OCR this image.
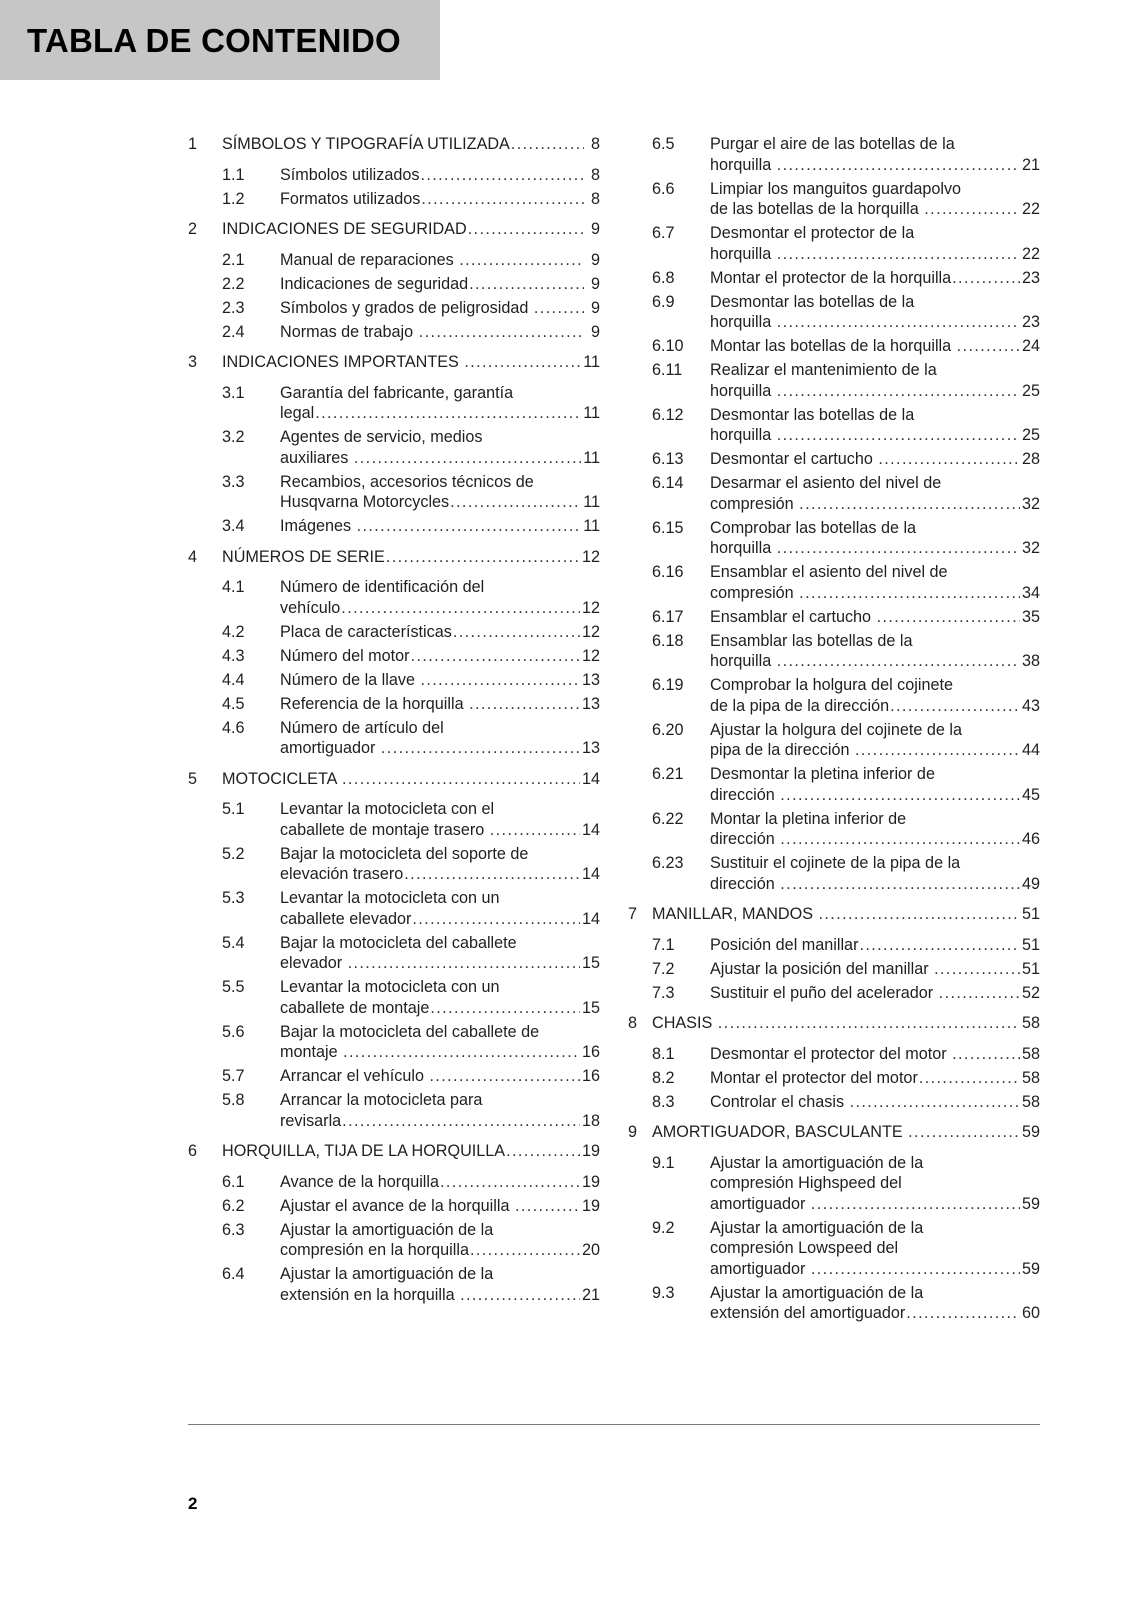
TABLA DE CONTENIDO
1 SÍMBOLOS Y TIPOGRAFÍA UTILIZADA .....	8
1.1 Símbolos utilizados .....	8
1.2 Formatos utilizados .....	8
2 INDICACIONES DE SEGURIDAD .....	9
2.1 Manual de reparaciones .....	9
2.2 Indicaciones de seguridad .....	9
2.3 Símbolos y grados de peligrosidad .....	9
2.4 Normas de trabajo .....	9
3 INDICACIONES IMPORTANTES .....	11
3.1 Garantía del fabricante, garantía
legal .....	11
3.2 Agentes de servicio, medios
auxiliares .....	11
3.3 Recambios, accesorios técnicos de
Husqvarna Motorcycles .....	11
3.4 Imágenes .....	11
4 NÚMEROS DE SERIE .....	12
4.1 Número de identificación del
vehículo .....	12
4.2 Placa de características .....	12
4.3 Número del motor .....	12
4.4 Número de la llave .....	13
4.5 Referencia de la horquilla .....	13
4.6 Número de artículo del
amortiguador .....	13
5 MOTOCICLETA .....	14
5.1 Levantar la motocicleta con el
caballete de montaje trasero .....	14
5.2 Bajar la motocicleta del soporte de
elevación trasero .....	14
5.3 Levantar la motocicleta con un
caballete elevador .....	14
5.4 Bajar la motocicleta del caballete
elevador .....	15
5.5 Levantar la motocicleta con un
caballete de montaje .....	15
5.6 Bajar la motocicleta del caballete de
montaje .....	16
5.7 Arrancar el vehículo .....	16
5.8 Arrancar la motocicleta para
revisarla .....	18
6 HORQUILLA, TIJA DE LA HORQUILLA .....	19
6.1 Avance de la horquilla .....	19
6.2 Ajustar el avance de la horquilla .....	19
6.3 Ajustar la amortiguación de la
compresión en la horquilla .....	20
6.4 Ajustar la amortiguación de la
extensión en la horquilla .....	21
6.5 Purgar el aire de las botellas de la
horquilla .....	21
6.6 Limpiar los manguitos guardapolvo
de las botellas de la horquilla .....	22
6.7 Desmontar el protector de la
horquilla .....	22
6.8 Montar el protector de la horquilla .....	23
6.9 Desmontar las botellas de la
horquilla .....	23
6.10 Montar las botellas de la horquilla .....	24
6.11 Realizar el mantenimiento de la
horquilla .....	25
6.12 Desmontar las botellas de la
horquilla .....	25
6.13 Desmontar el cartucho .....	28
6.14 Desarmar el asiento del nivel de
compresión .....	32
6.15 Comprobar las botellas de la
horquilla .....	32
6.16 Ensamblar el asiento del nivel de
compresión .....	34
6.17 Ensamblar el cartucho .....	35
6.18 Ensamblar las botellas de la
horquilla .....	38
6.19 Comprobar la holgura del cojinete
de la pipa de la dirección .....	43
6.20 Ajustar la holgura del cojinete de la
pipa de la dirección .....	44
6.21 Desmontar la pletina inferior de
dirección .....	45
6.22 Montar la pletina inferior de
dirección .....	46
6.23 Sustituir el cojinete de la pipa de la
dirección .....	49
7 MANILLAR, MANDOS .....	51
7.1 Posición del manillar .....	51
7.2 Ajustar la posición del manillar .....	51
7.3 Sustituir el puño del acelerador .....	52
8 CHASIS .....	58
8.1 Desmontar el protector del motor .....	58
8.2 Montar el protector del motor .....	58
8.3 Controlar el chasis .....	58
9 AMORTIGUADOR, BASCULANTE .....	59
9.1 Ajustar la amortiguación de la
compresión Highspeed del
amortiguador .....	59
9.2 Ajustar la amortiguación de la
compresión Lowspeed del
amortiguador .....	59
9.3 Ajustar la amortiguación de la
extensión del amortiguador .....	60
2
